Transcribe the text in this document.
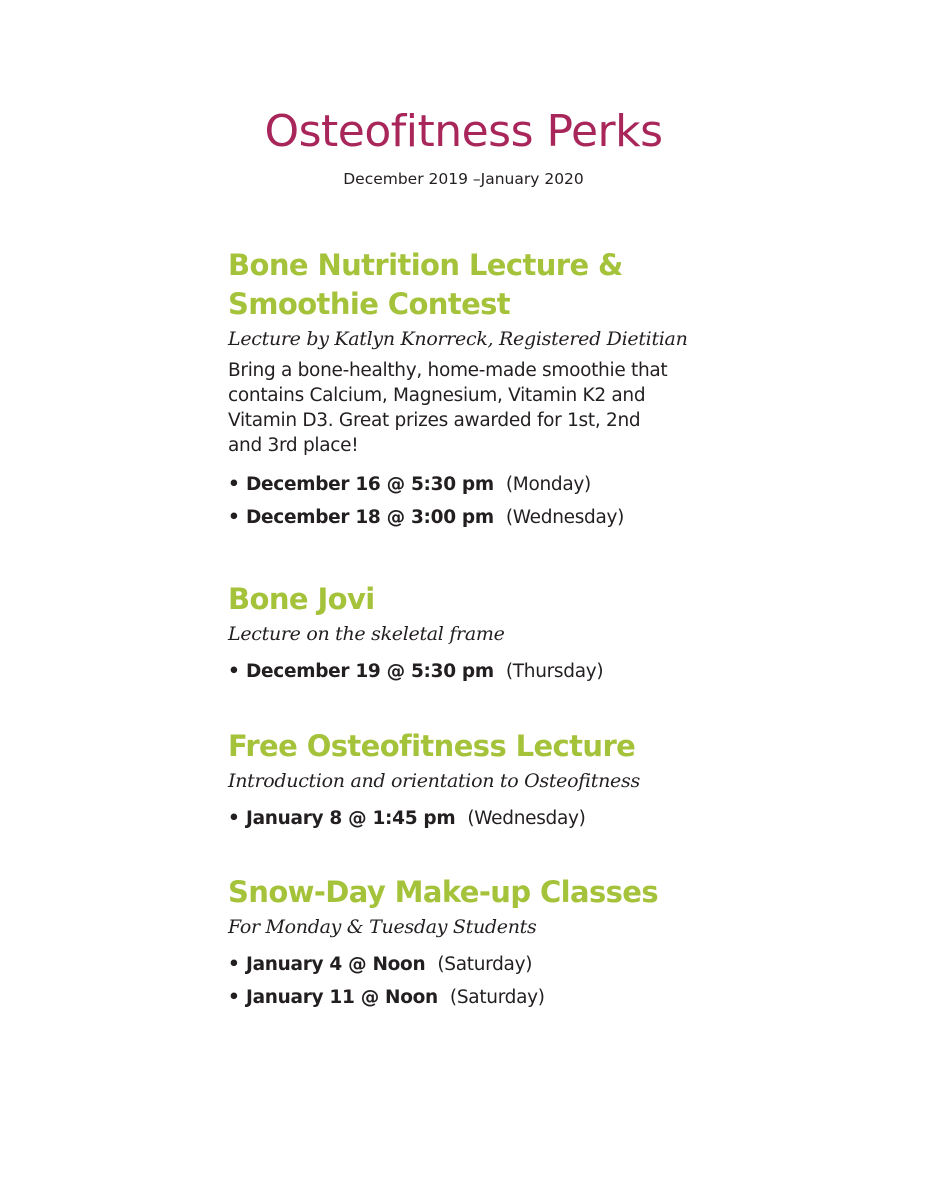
Osteofitness Perks
December 2019 –January 2020
Bone Nutrition Lecture &
Smoothie Contest

Lecture by Katlyn Knorreck, Registered Dietitian

Bring a bone-healthy, home-made smoothie that
contains Calcium, Magnesium, Vitamin K2 and
Vitamin D3. Great prizes awarded for 1st, 2nd
and 3rd place!

• December 16 @ 5:30 pm (Monday)
• December 18 @ 3:00 pm (Wednesday)
Bone Jovi

Lecture on the skeletal frame

• December 19 @ 5:30 pm (Thursday)
Free Osteofitness Lecture

Introduction and orientation to Osteofitness

• January 8 @ 1:45 pm (Wednesday)
Snow-Day Make-up Classes

For Monday & Tuesday Students

• January 4 @ Noon (Saturday)
• January 11 @ Noon (Saturday)
